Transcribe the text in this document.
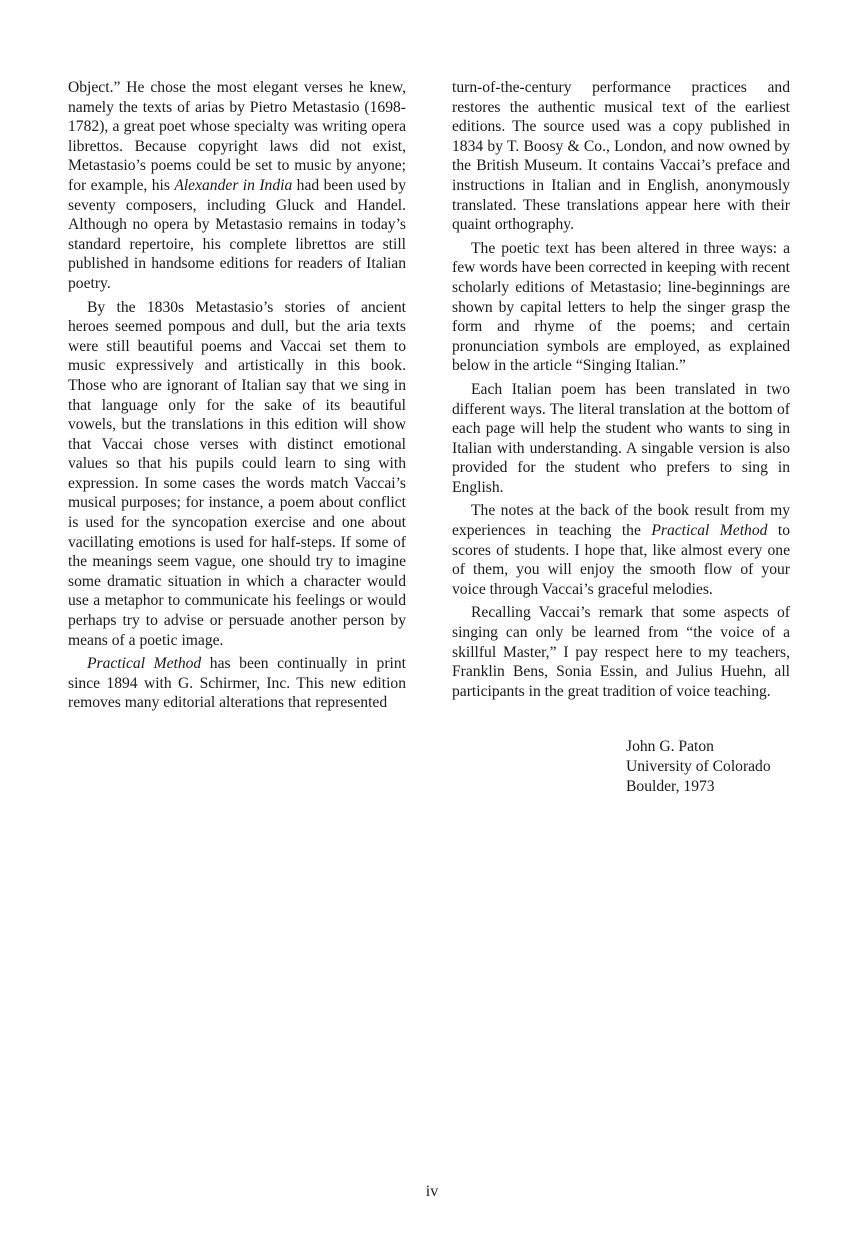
Object.” He chose the most elegant verses he knew, namely the texts of arias by Pietro Metastasio (1698-1782), a great poet whose specialty was writing opera librettos. Because copyright laws did not exist, Metastasio’s poems could be set to music by anyone; for example, his Alexander in India had been used by seventy composers, including Gluck and Handel. Although no opera by Metastasio remains in today’s standard repertoire, his complete librettos are still published in handsome editions for readers of Italian poetry.

By the 1830s Metastasio’s stories of ancient heroes seemed pompous and dull, but the aria texts were still beautiful poems and Vaccai set them to music expressively and artistically in this book. Those who are ignorant of Italian say that we sing in that language only for the sake of its beautiful vowels, but the translations in this edition will show that Vaccai chose verses with distinct emotional values so that his pupils could learn to sing with expression. In some cases the words match Vaccai’s musical purposes; for instance, a poem about conflict is used for the syncopation exercise and one about vacillating emotions is used for half-steps. If some of the meanings seem vague, one should try to imagine some dramatic situation in which a character would use a metaphor to communicate his feelings or would perhaps try to advise or persuade another person by means of a poetic image.

Practical Method has been continually in print since 1894 with G. Schirmer, Inc. This new edition removes many editorial alterations that represented

turn-of-the-century performance practices and restores the authentic musical text of the earliest editions. The source used was a copy published in 1834 by T. Boosy & Co., London, and now owned by the British Museum. It contains Vaccai’s preface and instructions in Italian and in English, anonymously translated. These translations appear here with their quaint orthography.

The poetic text has been altered in three ways: a few words have been corrected in keeping with recent scholarly editions of Metastasio; line-beginnings are shown by capital letters to help the singer grasp the form and rhyme of the poems; and certain pronunciation symbols are employed, as explained below in the article “Singing Italian.”

Each Italian poem has been translated in two different ways. The literal translation at the bottom of each page will help the student who wants to sing in Italian with understanding. A singable version is also provided for the student who prefers to sing in English.

The notes at the back of the book result from my experiences in teaching the Practical Method to scores of students. I hope that, like almost every one of them, you will enjoy the smooth flow of your voice through Vaccai’s graceful melodies.

Recalling Vaccai’s remark that some aspects of singing can only be learned from “the voice of a skillful Master,” I pay respect here to my teachers, Franklin Bens, Sonia Essin, and Julius Huehn, all participants in the great tradition of voice teaching.

John G. Paton
University of Colorado
Boulder, 1973
iv
